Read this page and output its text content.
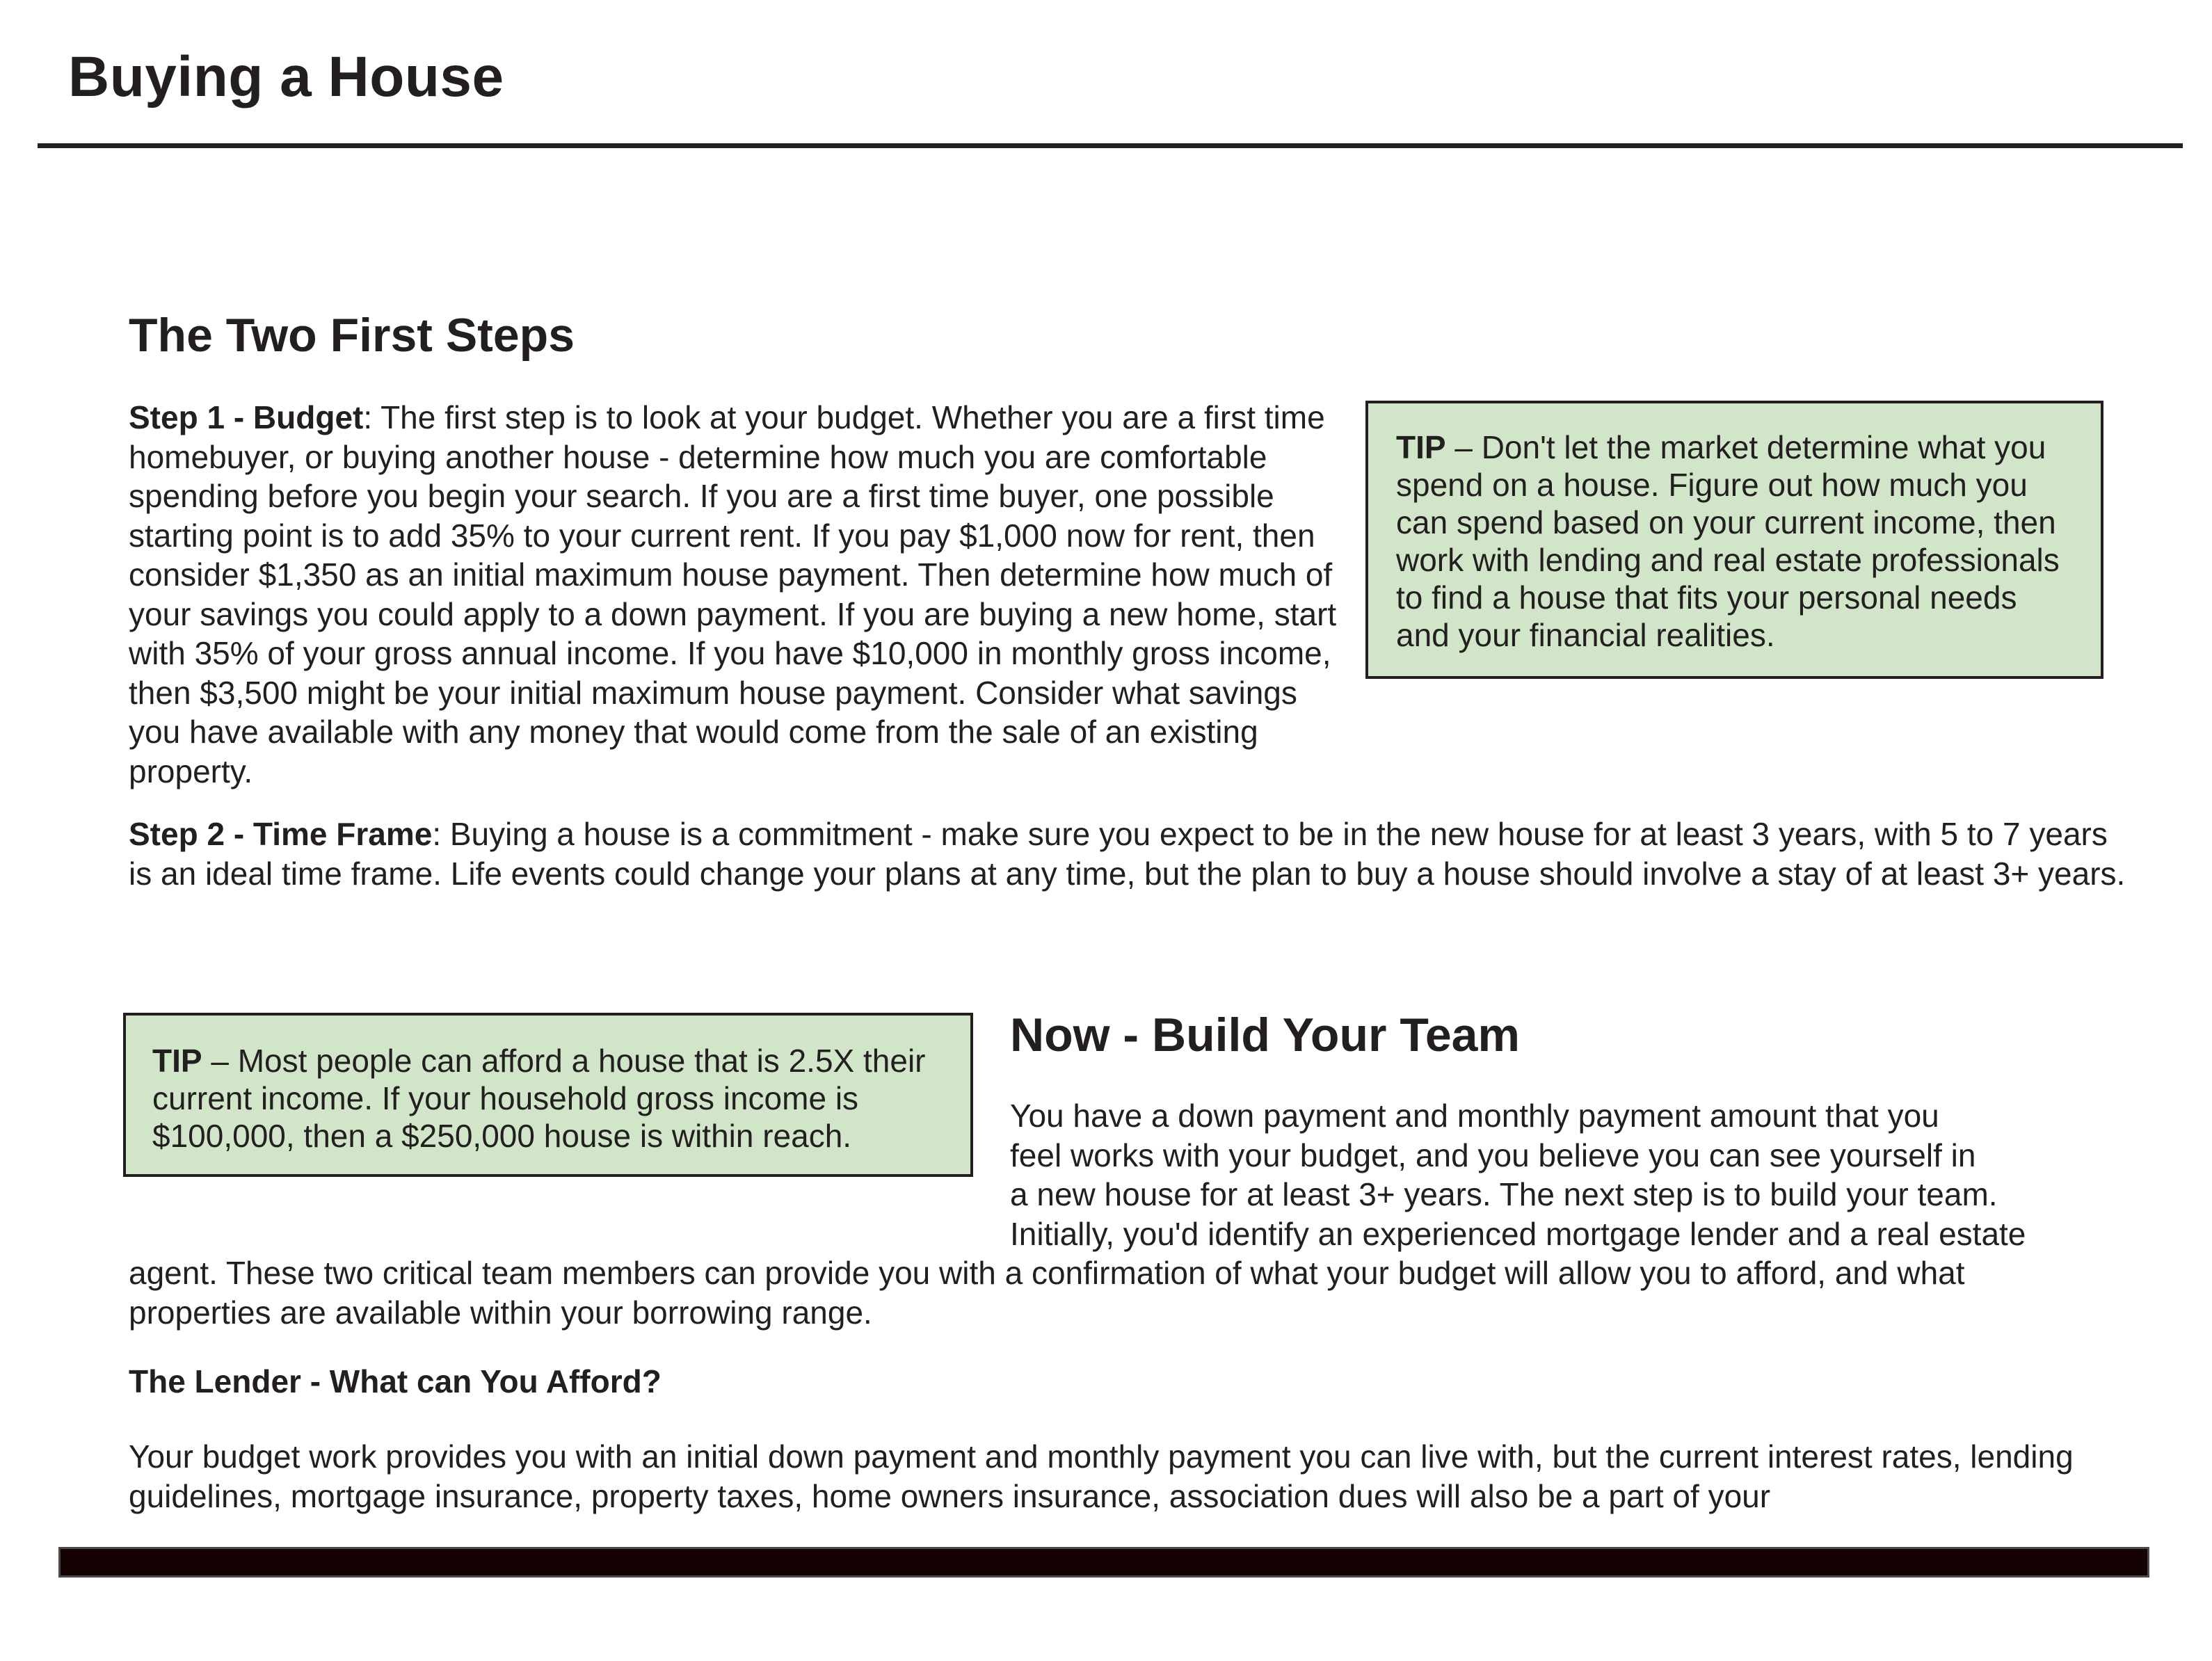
Buying a House
The Two First Steps

Step 1 - Budget: The first step is to look at your budget. Whether you are a first time homebuyer, or buying another house - determine how much you are comfortable spending before you begin your search. If you are a first time buyer, one possible starting point is to add 35% to your current rent. If you pay $1,000 now for rent, then consider $1,350 as an initial maximum house payment. Then determine how much of your savings you could apply to a down payment. If you are buying a new home, start with 35% of your gross annual income. If you have $10,000 in monthly gross income, then $3,500 might be your initial maximum house payment. Consider what savings you have available with any money that would come from the sale of an existing property.

TIP – Don't let the market determine what you spend on a house. Figure out how much you can spend based on your current income, then work with lending and real estate professionals to find a house that fits your personal needs and your financial realities.

Step 2 - Time Frame: Buying a house is a commitment - make sure you expect to be in the new house for at least 3 years, with 5 to 7 years is an ideal time frame. Life events could change your plans at any time, but the plan to buy a house should involve a stay of at least 3+ years.

TIP – Most people can afford a house that is 2.5X their current income. If your household gross income is $100,000, then a $250,000 house is within reach.

Now - Build Your Team
You have a down payment and monthly payment amount that you
feel works with your budget, and you believe you can see yourself in
a new house for at least 3+ years. The next step is to build your team.
Initially, you'd identify an experienced mortgage lender and a real estate

agent. These two critical team members can provide you with a confirmation of what your budget will allow you to afford, and what properties are available within your borrowing range.

The Lender - What can You Afford?

Your budget work provides you with an initial down payment and monthly payment you can live with, but the current interest rates, lending guidelines, mortgage insurance, property taxes, home owners insurance, association dues will also be a part of your
